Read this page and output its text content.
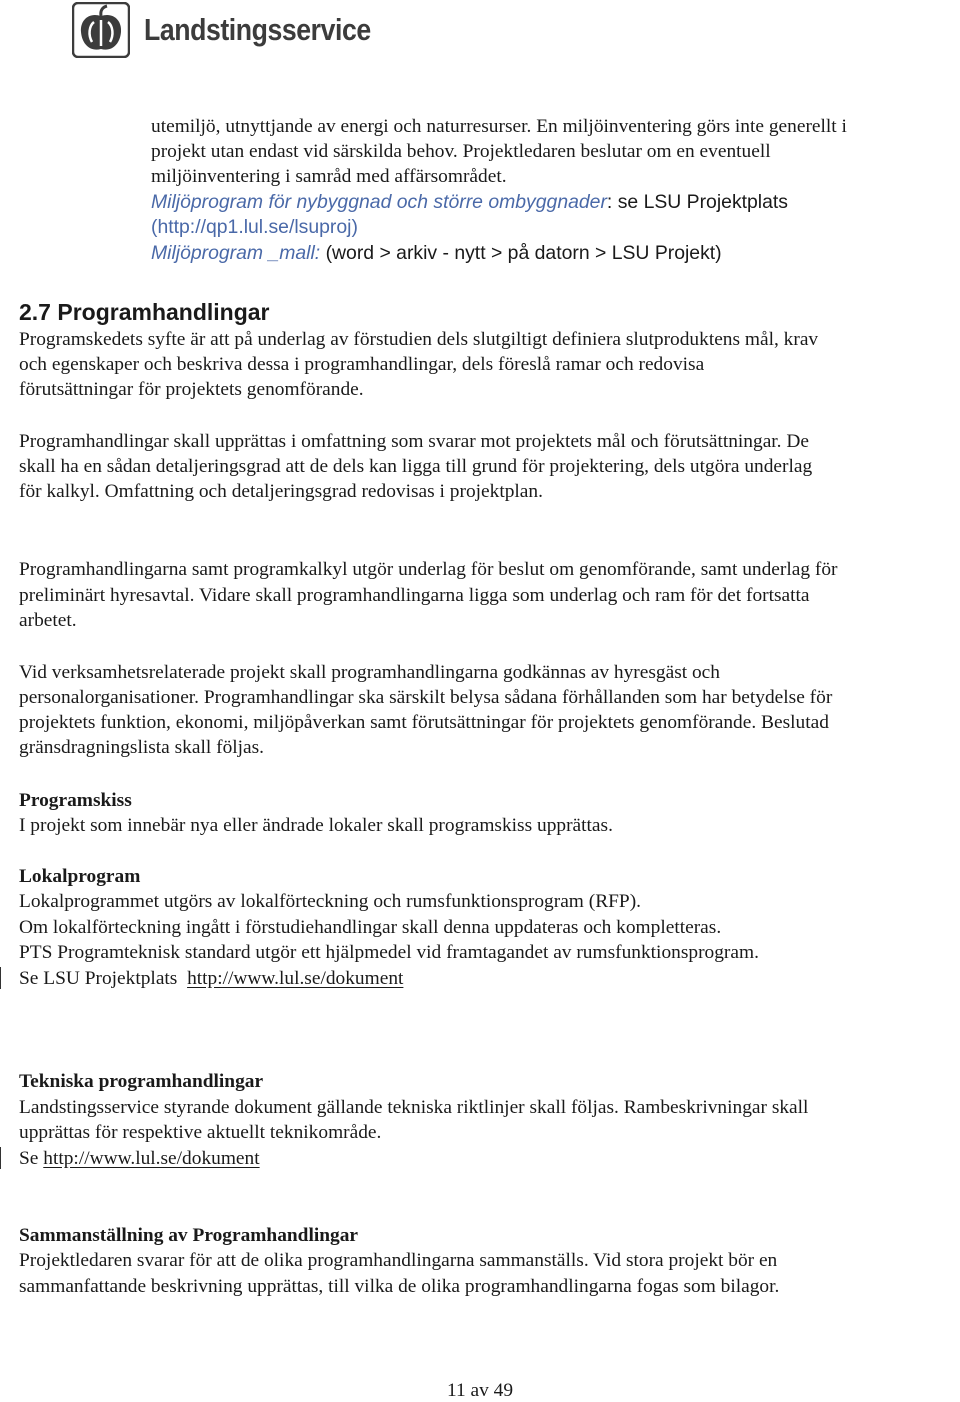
Landstingsservice
utemiljö, utnyttjande av energi och naturresurser. En miljöinventering görs inte generellt i
projekt utan endast vid särskilda behov. Projektledaren beslutar om en eventuell
miljöinventering i samråd med affärsområdet.
Miljöprogram för nybyggnad och större ombyggnader: se LSU Projektplats
(http://qp1.lul.se/lsuproj)
Miljöprogram _mall: (word > arkiv - nytt > på datorn > LSU Projekt)
2.7 Programhandlingar
Programskedets syfte är att på underlag av förstudien dels slutgiltigt definiera slutproduktens mål, krav
och egenskaper och beskriva dessa i programhandlingar, dels föreslå ramar och redovisa
förutsättningar för projektets genomförande.
Programhandlingar skall upprättas i omfattning som svarar mot projektets mål och förutsättningar. De
skall ha en sådan detaljeringsgrad att de dels kan ligga till grund för projektering, dels utgöra underlag
för kalkyl. Omfattning och detaljeringsgrad redovisas i projektplan.
Programhandlingarna samt programkalkyl utgör underlag för beslut om genomförande, samt underlag för
preliminärt hyresavtal. Vidare skall programhandlingarna ligga som underlag och ram för det fortsatta
arbetet.
Vid verksamhetsrelaterade projekt skall programhandlingarna godkännas av hyresgäst och
personalorganisationer. Programhandlingar ska särskilt belysa sådana förhållanden som har betydelse för
projektets funktion, ekonomi, miljöpåverkan samt förutsättningar för projektets genomförande. Beslutad
gränsdragningslista skall följas.
Programskiss
I projekt som innebär nya eller ändrade lokaler skall programskiss upprättas.
Lokalprogram
Lokalprogrammet utgörs av lokalförteckning och rumsfunktionsprogram (RFP).
Om lokalförteckning ingått i förstudiehandlingar skall denna uppdateras och kompletteras.
PTS Programteknisk standard utgör ett hjälpmedel vid framtagandet av rumsfunktionsprogram.
Se LSU Projektplats http://www.lul.se/dokument
Tekniska programhandlingar
Landstingsservice styrande dokument gällande tekniska riktlinjer skall följas. Rambeskrivningar skall
upprättas för respektive aktuellt teknikområde.
Se http://www.lul.se/dokument
Sammanställning av Programhandlingar
Projektledaren svarar för att de olika programhandlingarna sammanställs. Vid stora projekt bör en
sammanfattande beskrivning upprättas, till vilka de olika programhandlingarna fogas som bilagor.
11 av 49
